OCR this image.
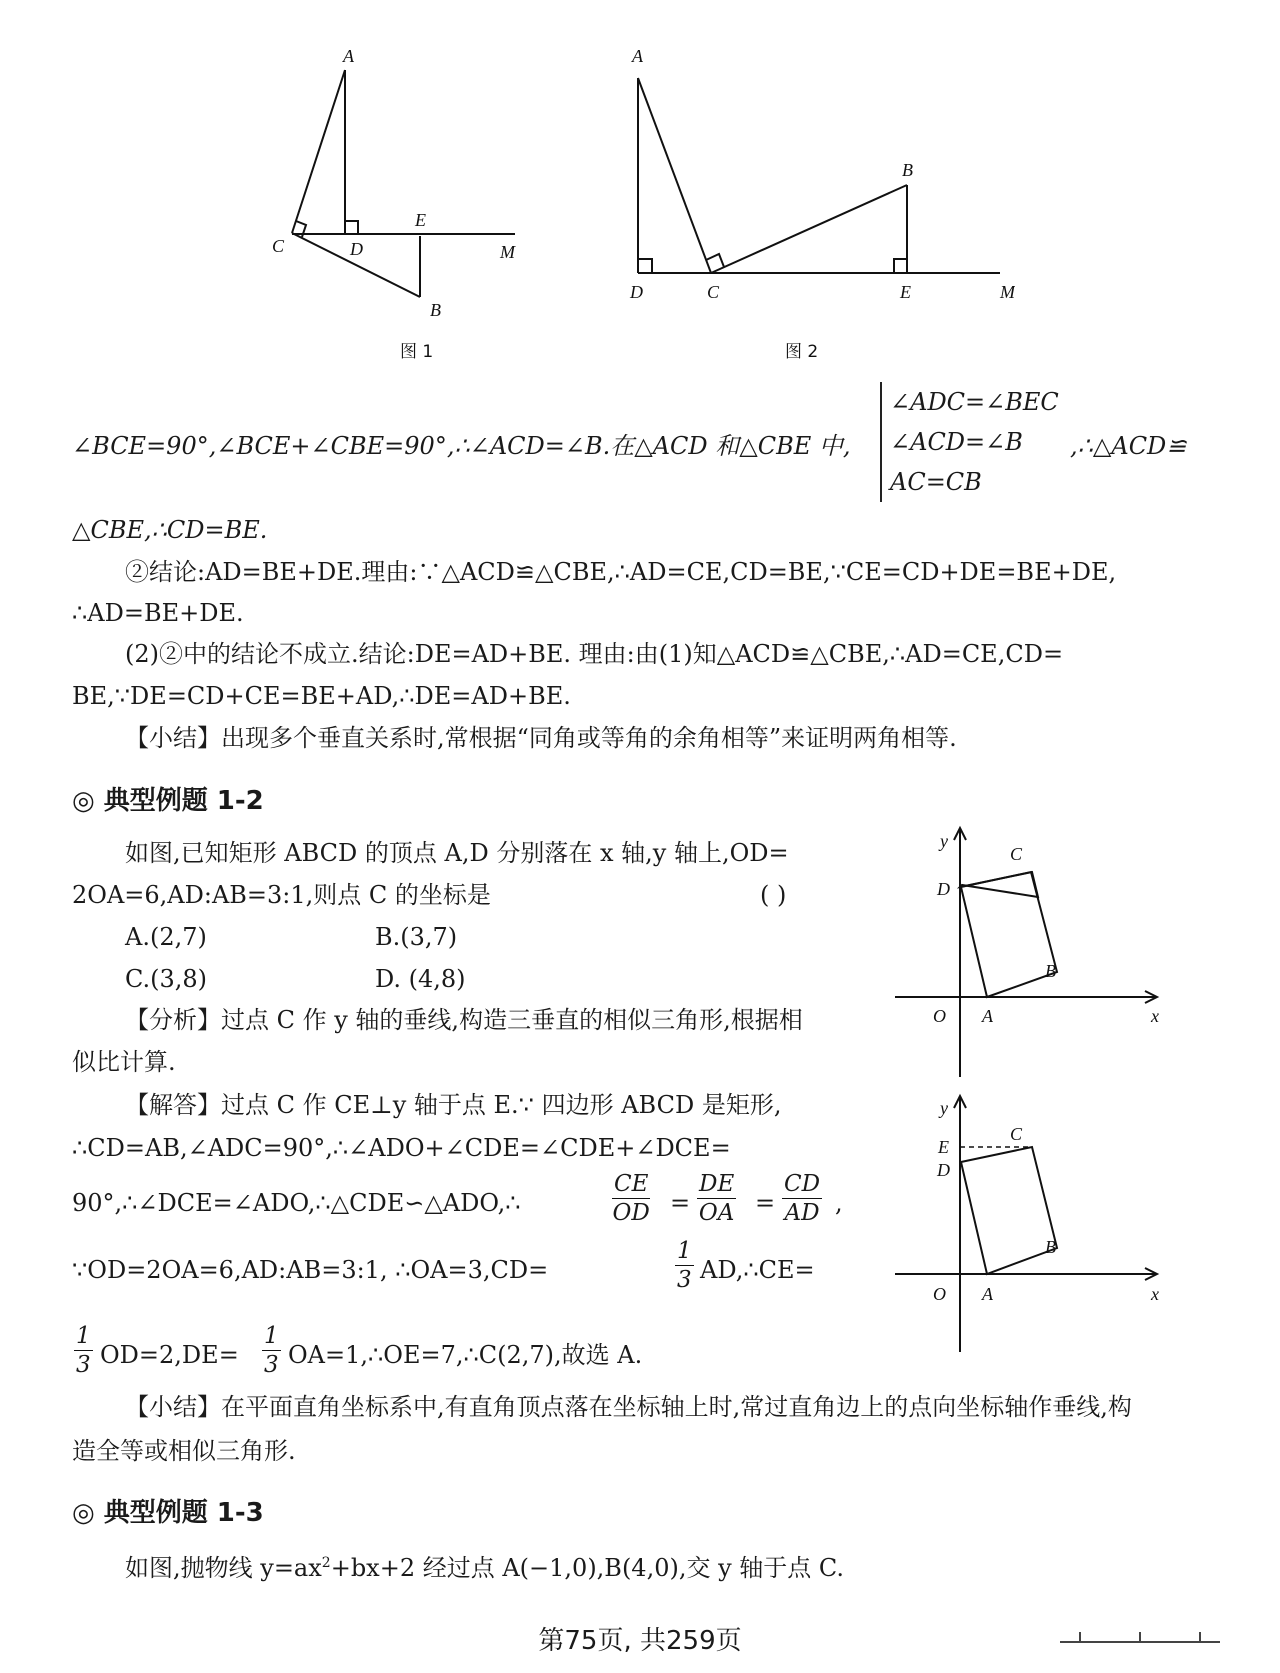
A
C	D
E
M
B
图 1
A
D	C	E	M
B
图 2
∠BCE=90°,∠BCE+∠CBE=90°,∴∠ACD=∠B.在△ACD 和△CBE 中,
∠ADC=∠BEC
∠ACD=∠B
AC=CB
,∴△ACD≌
△CBE,∴CD=BE.
②结论:AD=BE+DE.理由:∵△ACD≌△CBE,∴AD=CE,CD=BE,∵CE=CD+DE=BE+DE,
∴AD=BE+DE.
(2)②中的结论不成立.结论:DE=AD+BE. 理由:由(1)知△ACD≌△CBE,∴AD=CE,CD=
BE,∵DE=CD+CE=BE+AD,∴DE=AD+BE.
【小结】出现多个垂直关系时,常根据“同角或等角的余角相等”来证明两角相等.
◎ 典型例题 1-2
如图,已知矩形 ABCD 的顶点 A,D 分别落在 x 轴,y 轴上,OD=
2OA=6,AD:AB=3:1,则点 C 的坐标是	( )
A.(2,7)	B.(3,7)
C.(3,8)	D. (4,8)
【分析】过点 C 作 y 轴的垂线,构造三垂直的相似三角形,根据相
似比计算.
【解答】过点 C 作 CE⊥y 轴于点 E.∵ 四边形 ABCD 是矩形,
∴CD=AB,∠ADC=90°,∴∠ADO+∠CDE=∠CDE+∠DCE=
90°,∴∠DCE=∠ADO,∴△CDE∽△ADO,∴	$\frac{CE}{OD} = \frac{DE}{OA} = \frac{CD}{AD}$ ,
∵OD=2OA=6,AD:AB=3:1, ∴OA=3,CD=	$\frac{1}{3}$ AD,∴CE=
$\frac{1}{3} OD=2,DE= \frac{1}{3}$ OA=1,∴OE=7,∴C(2,7),故选 A.
【小结】在平面直角坐标系中,有直角顶点落在坐标轴上时,常过直角边上的点向坐标轴作垂线,构
造全等或相似三角形.
y
x
O A
D
C
B
y
x
O A
E
D
C
B
◎ 典型例题 1-3
如图,抛物线 $y=ax^2+bx+2$ 经过点 A(−1,0),B(4,0),交 y 轴于点 C.
第75页, 共259页
